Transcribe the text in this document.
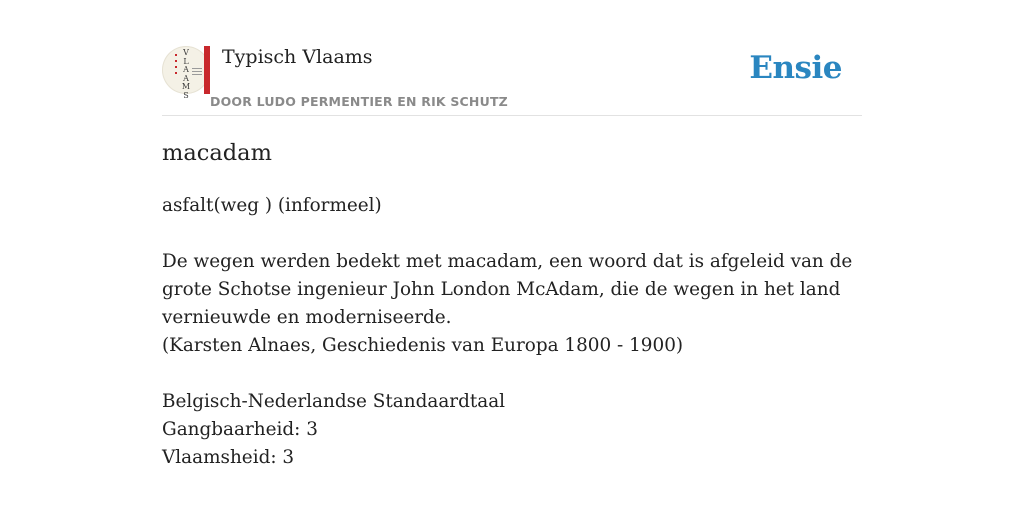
V
L
A
A
M
S
Typisch Vlaams
DOOR LUDO PERMENTIER EN RIK SCHUTZ
Ensie
macadam

asfalt(weg ) (informeel)

De wegen werden bedekt met macadam, een woord dat is afgeleid van de grote Schotse ingenieur John London McAdam, die de wegen in het land vernieuwde en moderniseerde.

(Karsten Alnaes, Geschiedenis van Europa 1800 - 1900)

Belgisch-Nederlandse Standaardtaal

Gangbaarheid: 3

Vlaamsheid: 3
